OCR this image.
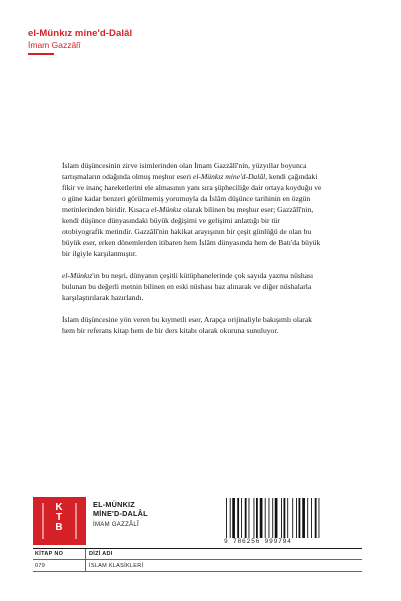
el-Münkız mine'd-Dalâl
İmam Gazzâlî

İslam düşüncesinin zirve isimlerinden olan İmam Gazzâlî'nin, yüzyıllar boyunca tartışmaların odağında olmuş meşhur eseri el-Münkız mine'd-Dalâl, kendi çağındaki fikir ve inanç hareketlerini ele almasının yanı sıra şüpheciliğe dair ortaya koyduğu ve o güne kadar benzeri görülmemiş yorumuyla da İslâm düşünce tarihinin en özgün metinlerinden biridir. Kısaca el-Münkız olarak bilinen bu meşhur eser; Gazzâlî'nin, kendi düşünce dünyasındaki büyük değişimi ve gelişimi anlattığı bir tür otobiyografik metindir. Gazzâlî'nin hakikat arayışının bir çeşit günlüğü de olan bu büyük eser, erken dönemlerden itibaren hem İslâm dünyasında hem de Batı'da büyük bir ilgiyle karşılanmıştır.

el-Münkız'ın bu neşri, dünyanın çeşitli kütüphanelerinde çok sayıda yazma nüshası bulunan bu değerli metnin bilinen en eski nüshası baz alınarak ve diğer nüshalarla karşılaştırılarak hazırlandı.

İslam düşüncesine yön veren bu kıymetli eser, Arapça orijinaliyle bakışımlı olarak hem bir referans kitap hem de bir ders kitabı olarak okuruna sunuluyor.

K
T
B
EL-MÜNKIZ
MİNE'D-DALÂL
İMAM GAZZÂLÎ
9 786256 999794
KİTAP NO	DİZİ ADI
079	İSLAM KLASİKLERİ
